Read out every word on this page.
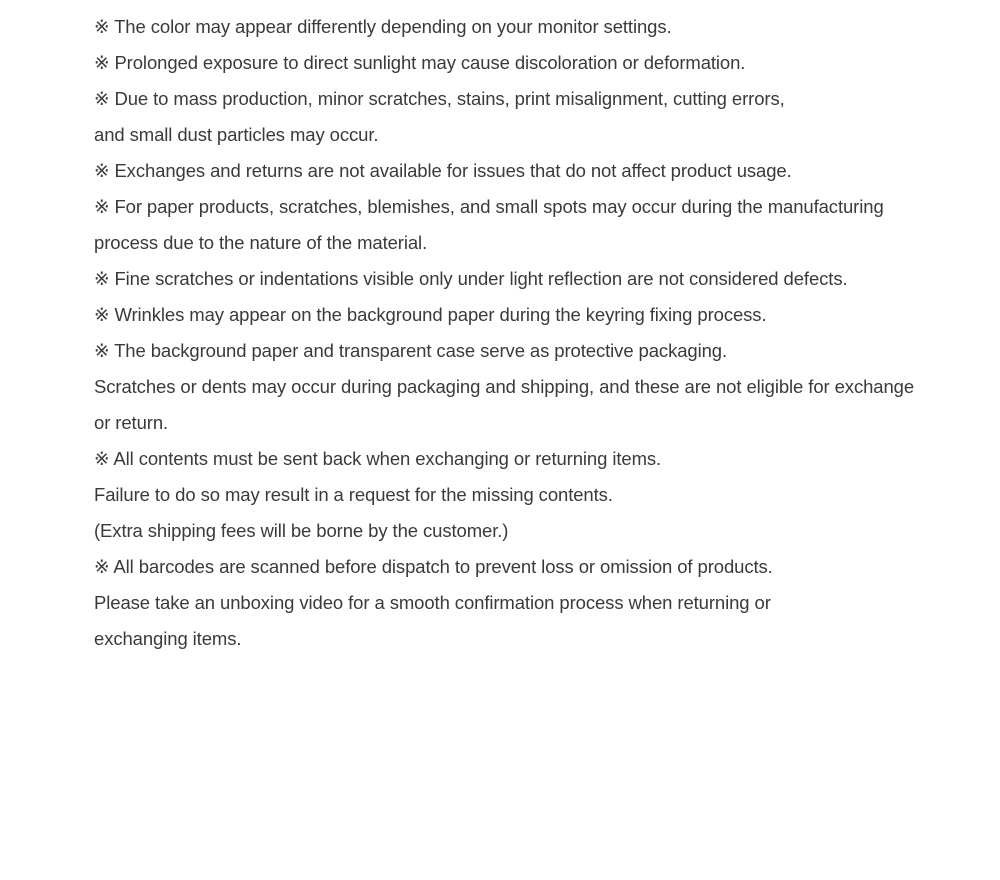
※ The color may appear differently depending on your monitor settings.
※ Prolonged exposure to direct sunlight may cause discoloration or deformation.
※ Due to mass production, minor scratches, stains, print misalignment, cutting errors,
and small dust particles may occur.
※ Exchanges and returns are not available for issues that do not affect product usage.
※ For paper products, scratches, blemishes, and small spots may occur during the manufacturing
process due to the nature of the material.
※ Fine scratches or indentations visible only under light reflection are not considered defects.
※ Wrinkles may appear on the background paper during the keyring fixing process.
※ The background paper and transparent case serve as protective packaging.
Scratches or dents may occur during packaging and shipping, and these are not eligible for exchange
or return.
※ All contents must be sent back when exchanging or returning items.
Failure to do so may result in a request for the missing contents.
(Extra shipping fees will be borne by the customer.)
※ All barcodes are scanned before dispatch to prevent loss or omission of products.
Please take an unboxing video for a smooth confirmation process when returning or
exchanging items.
